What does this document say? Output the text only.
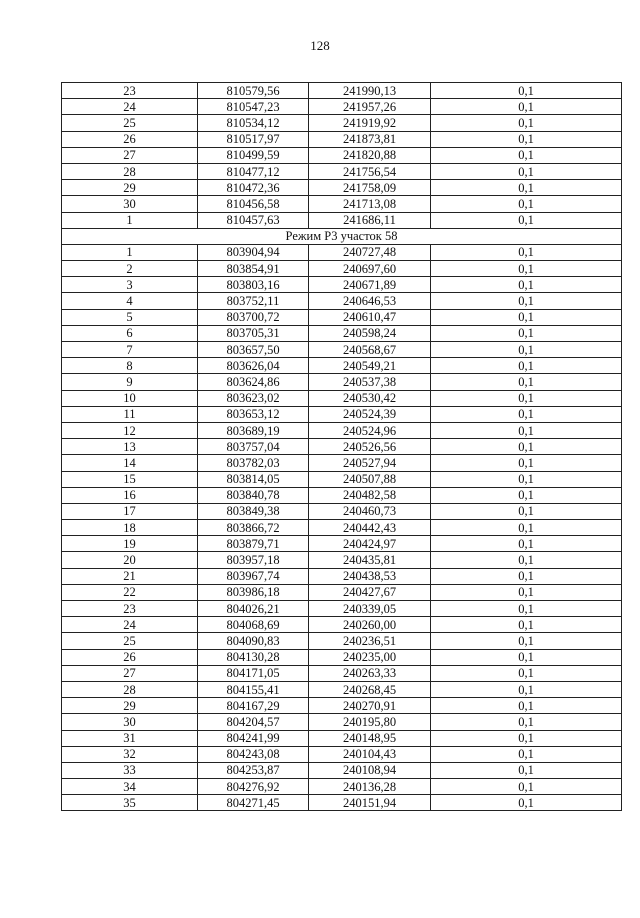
128
23	810579,56	241990,13	0,1
24	810547,23	241957,26	0,1
25	810534,12	241919,92	0,1
26	810517,97	241873,81	0,1
27	810499,59	241820,88	0,1
28	810477,12	241756,54	0,1
29	810472,36	241758,09	0,1
30	810456,58	241713,08	0,1
1	810457,63	241686,11	0,1
Режим Р3 участок 58			
1	803904,94	240727,48	0,1
2	803854,91	240697,60	0,1
3	803803,16	240671,89	0,1
4	803752,11	240646,53	0,1
5	803700,72	240610,47	0,1
6	803705,31	240598,24	0,1
7	803657,50	240568,67	0,1
8	803626,04	240549,21	0,1
9	803624,86	240537,38	0,1
10	803623,02	240530,42	0,1
11	803653,12	240524,39	0,1
12	803689,19	240524,96	0,1
13	803757,04	240526,56	0,1
14	803782,03	240527,94	0,1
15	803814,05	240507,88	0,1
16	803840,78	240482,58	0,1
17	803849,38	240460,73	0,1
18	803866,72	240442,43	0,1
19	803879,71	240424,97	0,1
20	803957,18	240435,81	0,1
21	803967,74	240438,53	0,1
22	803986,18	240427,67	0,1
23	804026,21	240339,05	0,1
24	804068,69	240260,00	0,1
25	804090,83	240236,51	0,1
26	804130,28	240235,00	0,1
27	804171,05	240263,33	0,1
28	804155,41	240268,45	0,1
29	804167,29	240270,91	0,1
30	804204,57	240195,80	0,1
31	804241,99	240148,95	0,1
32	804243,08	240104,43	0,1
33	804253,87	240108,94	0,1
34	804276,92	240136,28	0,1
35	804271,45	240151,94	0,1
